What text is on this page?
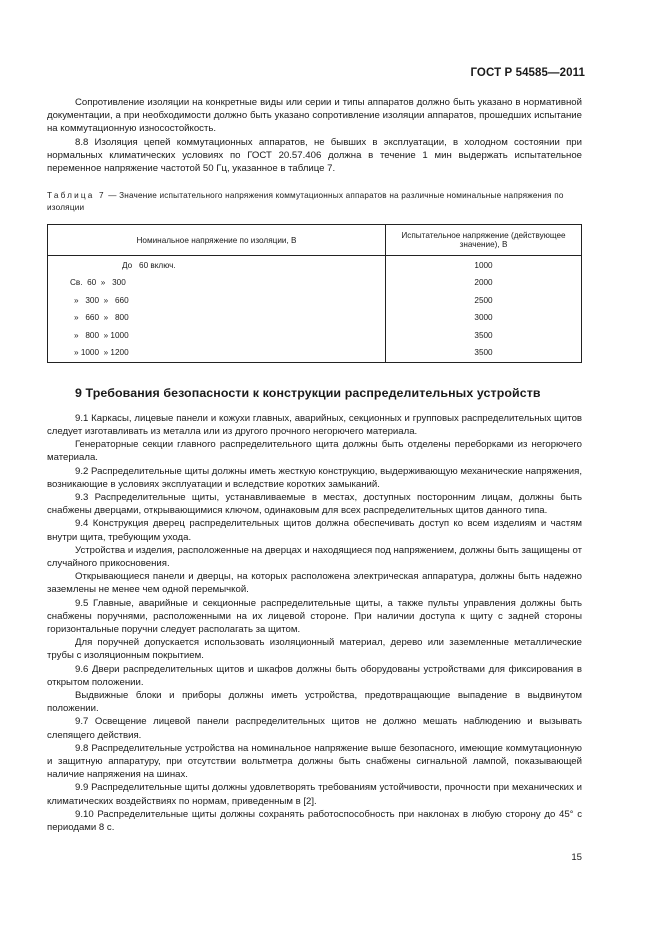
ГОСТ Р 54585—2011

Сопротивление изоляции на конкретные виды или серии и типы аппаратов должно быть указано в нормативной документации, а при необходимости должно быть указано сопротивление изоляции аппаратов, прошедших испытание на коммутационную износостойкость.

8.8 Изоляция цепей коммутационных аппаратов, не бывших в эксплуатации, в холодном состоянии при нормальных климатических условиях по ГОСТ 20.57.406 должна в течение 1 мин выдержать испытательное переменное напряжение частотой 50 Гц, указанное в таблице 7.

Таблица 7 — Значение испытательного напряжения коммутационных аппаратов на различные номинальные напряжения по изоляции

Номинальное напряжение по изоляции, В	Испытательное напряжение (действующее значение), В
До   60 включ.	1000
Св.  60  »   300	2000
»   300  »   660	2500
»   660  »   800	3000
»   800  » 1000	3500
» 1000  » 1200	3500
9 Требования безопасности к конструкции распределительных устройств

9.1 Каркасы, лицевые панели и кожухи главных, аварийных, секционных и групповых распределительных щитов следует изготавливать из металла или из другого прочного негорючего материала.

Генераторные секции главного распределительного щита должны быть отделены переборками из негорючего материала.

9.2 Распределительные щиты должны иметь жесткую конструкцию, выдерживающую механические напряжения, возникающие в условиях эксплуатации и вследствие коротких замыканий.

9.3 Распределительные щиты, устанавливаемые в местах, доступных посторонним лицам, должны быть снабжены дверцами, открывающимися ключом, одинаковым для всех распределительных щитов данного типа.

9.4 Конструкция дверец распределительных щитов должна обеспечивать доступ ко всем изделиям и частям внутри щита, требующим ухода.

Устройства и изделия, расположенные на дверцах и находящиеся под напряжением, должны быть защищены от случайного прикосновения.

Открывающиеся панели и дверцы, на которых расположена электрическая аппаратура, должны быть надежно заземлены не менее чем одной перемычкой.

9.5 Главные, аварийные и секционные распределительные щиты, а также пульты управления должны быть снабжены поручнями, расположенными на их лицевой стороне. При наличии доступа к щиту с задней стороны горизонтальные поручни следует располагать за щитом.

Для поручней допускается использовать изоляционный материал, дерево или заземленные металлические трубы с изоляционным покрытием.

9.6 Двери распределительных щитов и шкафов должны быть оборудованы устройствами для фиксирования в открытом положении.

Выдвижные блоки и приборы должны иметь устройства, предотвращающие выпадение в выдвинутом положении.

9.7 Освещение лицевой панели распределительных щитов не должно мешать наблюдению и вызывать слепящего действия.

9.8 Распределительные устройства на номинальное напряжение выше безопасного, имеющие коммутационную и защитную аппаратуру, при отсутствии вольтметра должны быть снабжены сигнальной лампой, показывающей наличие напряжения на шинах.

9.9 Распределительные щиты должны удовлетворять требованиям устойчивости, прочности при механических и климатических воздействиях по нормам, приведенным в [2].

9.10 Распределительные щиты должны сохранять работоспособность при наклонах в любую сторону до 45° с периодами 8 с.

15
